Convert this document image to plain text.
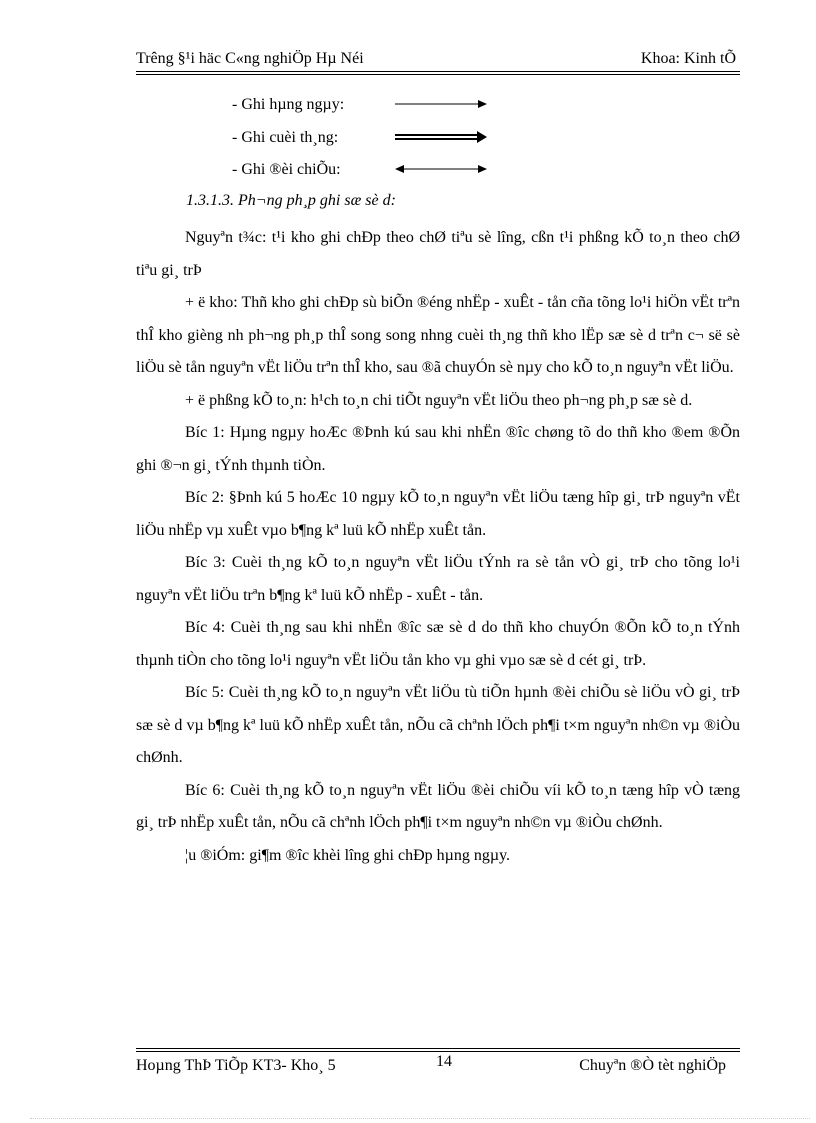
Trêng §¹i häc C«ng nghiÖp Hµ Néi	Khoa: Kinh tÕ
- Ghi hµng ngµy:
- Ghi cuèi th¸ng:
- Ghi ®èi chiÕu:
1.3.1.3. Ph¬ng ph¸p ghi sæ sè d:

Nguyªn t¾c: t¹i kho ghi chÐp theo chØ tiªu sè lîng, cßn t¹i phßng kÕ to¸n theo chØ tiªu gi¸ trÞ

+ ë kho: Thñ kho ghi chÐp sù biÕn ®éng nhËp - xuÊt - tån cña tõng lo¹i hiÖn vËt trªn thÎ kho gièng nh ph¬ng ph¸p thÎ song song nhng cuèi th¸ng thñ kho lËp sæ sè d trªn c¬ së sè liÖu sè tån nguyªn vËt liÖu trªn thÎ kho, sau ®ã chuyÓn sè nµy cho kÕ to¸n nguyªn vËt liÖu.

+ ë phßng kÕ to¸n: h¹ch to¸n chi tiÕt nguyªn vËt liÖu theo ph¬ng ph¸p sæ sè d.

Bíc 1: Hµng ngµy hoÆc ®Þnh kú sau khi nhËn ®îc chøng tõ do thñ kho ®em ®Õn ghi ®¬n gi¸ tÝnh thµnh tiÒn.

Bíc 2: §Þnh kú 5 hoÆc 10 ngµy kÕ to¸n nguyªn vËt liÖu tæng hîp gi¸ trÞ nguyªn vËt liÖu nhËp vµ xuÊt vµo b¶ng kª luü kÕ nhËp xuÊt tån.

Bíc 3: Cuèi th¸ng kÕ to¸n nguyªn vËt liÖu tÝnh ra sè tån vÒ gi¸ trÞ cho tõng lo¹i nguyªn vËt liÖu trªn b¶ng kª luü kÕ nhËp - xuÊt - tån.

Bíc 4: Cuèi th¸ng sau khi nhËn ®îc sæ sè d do thñ kho chuyÓn ®Õn kÕ to¸n tÝnh thµnh tiÒn cho tõng lo¹i nguyªn vËt liÖu tån kho vµ ghi vµo sæ sè d cét gi¸ trÞ.

Bíc 5: Cuèi th¸ng kÕ to¸n nguyªn vËt liÖu tù tiÕn hµnh ®èi chiÕu sè liÖu vÒ gi¸ trÞ sæ sè d vµ b¶ng kª luü kÕ nhËp xuÊt tån, nÕu cã chªnh lÖch ph¶i t×m nguyªn nh©n vµ ®iÒu chØnh.

Bíc 6: Cuèi th¸ng kÕ to¸n nguyªn vËt liÖu ®èi chiÕu víi kÕ to¸n tæng hîp vÒ tæng gi¸ trÞ nhËp xuÊt tån, nÕu cã chªnh lÖch ph¶i t×m nguyªn nh©n vµ ®iÒu chØnh.

¦u ®iÓm: gi¶m ®îc khèi lîng ghi chÐp hµng ngµy.

Hoµng ThÞ TiÕp KT3- Kho¸ 5	14	Chuyªn ®Ò tèt nghiÖp
